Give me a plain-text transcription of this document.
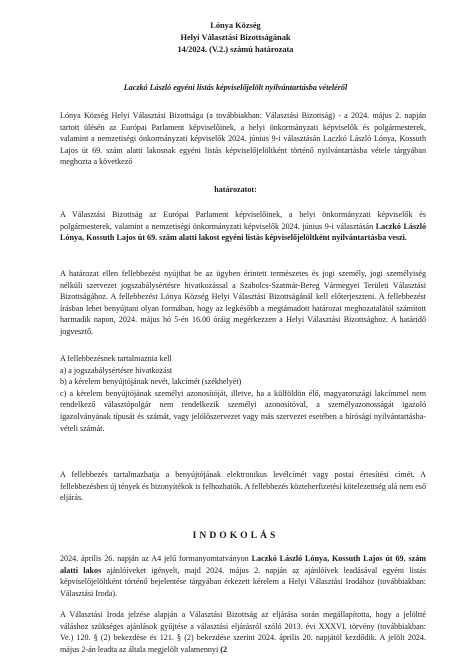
Lónya Község
Helyi Választási Bizottságának
14/2024. (V.2.) számú határozata
Laczkó László egyéni listás képviselőjelölt nyilvántartásba vételéről
Lónya Község Helyi Választási Bizottsága (a továbbiakban: Választási Bizottság) - a 2024. május 2. napján tartott ülésén az Európai Parlament képviselőinek, a helyi önkormányzati képviselők és polgármesterek, valamint a nemzetiségi önkormányzati képviselők 2024. június 9-i választásán Laczkó László Lónya, Kossuth Lajos út 69. szám alatti lakosnak egyéni listás képviselőjelöltként történő nyilvántartásba vétele tárgyában meghozta a következő
határozatot:
A Választási Bizottság az Európai Parlament képviselőinek, a helyi önkormányzati képviselők és polgármesterek, valamint a nemzetiségi önkormányzati képviselők 2024. június 9-i választásán Laczkó László Lónya, Kossuth Lajos út 69. szám alatti lakost egyéni listás képviselőjelöltként nyilvántartásba veszi.
A határozat ellen fellebbezést nyújthat be az ügyben érintett természetes és jogi személy, jogi személyiség nélküli szervezet jogszabálysértésre hivatkozással a Szabolcs-Szatmár-Bereg Vármegyei Területi Választási Bizottságához. A fellebbezést Lónya Község Helyi Választási Bizottságánál kell előterjeszteni. A fellebbezést írásban lehet benyújtani olyan formában, hogy az legkésőbb a megtámadott határozat meghozatalától számított harmadik napon, 2024. május hó 5-én 16.00 óráig megérkezzen a Helyi Választási Bizottsághoz. A határidő jogvesztő.
A fellebbezésnek tartalmaznia kell
a) a jogszabálysértésre hivatkozást
b) a kérelem benyújtójának nevét, lakcímét (székhelyét)
c) a kérelem benyújtójának személyi azonosítóját, illetve, ha a külföldön élő, magyarországi lakcímmel nem rendelkező választópolgár nem rendelkezik személyi azonosítóval, a személyazonosságát igazoló igazolványának típusát és számát, vagy jelölőszervezet vagy más szervezet esetében a bírósági nyilvántartásba-vételi számát.
A fellebbezés tartalmazhatja a benyújtójának elektronikus levélcímét vagy postai értesítési címét. A fellebbezésben új tények és bizonyítékok is felhozhatók. A fellebbezés közteherfizetési kötelezettség alá nem eső eljárás.
INDOKOLÁS
2024. április 26. napján az A4 jelű formanyomtatványon Laczkó László Lónya, Kossuth Lajos út 69. szám alatti lakos ajánlóíveket igényelt, majd 2024. május 2. napján az ajánlóívek leadásával egyéni listás képviselőjelöltként történő bejelentése tárgyában érkezett kérelem a Helyi Választási Irodához (továbbiakban: Választási Iroda).
A Választási Iroda jelzése alapján a Választási Bizottság az eljárása során megállapította, hogy a jelöltté váláshoz szükséges ajánlások gyűjtése a választási eljárásról szóló 2013. évi XXXVI. törvény (továbbiakban: Ve.) 120. § (2) bekezdése és 121. § (2) bekezdése szerint 2024. április 20. napjától kezdődik. A jelölt 2024. május 2-án leadta az általa megjelölt valamennyi (2
